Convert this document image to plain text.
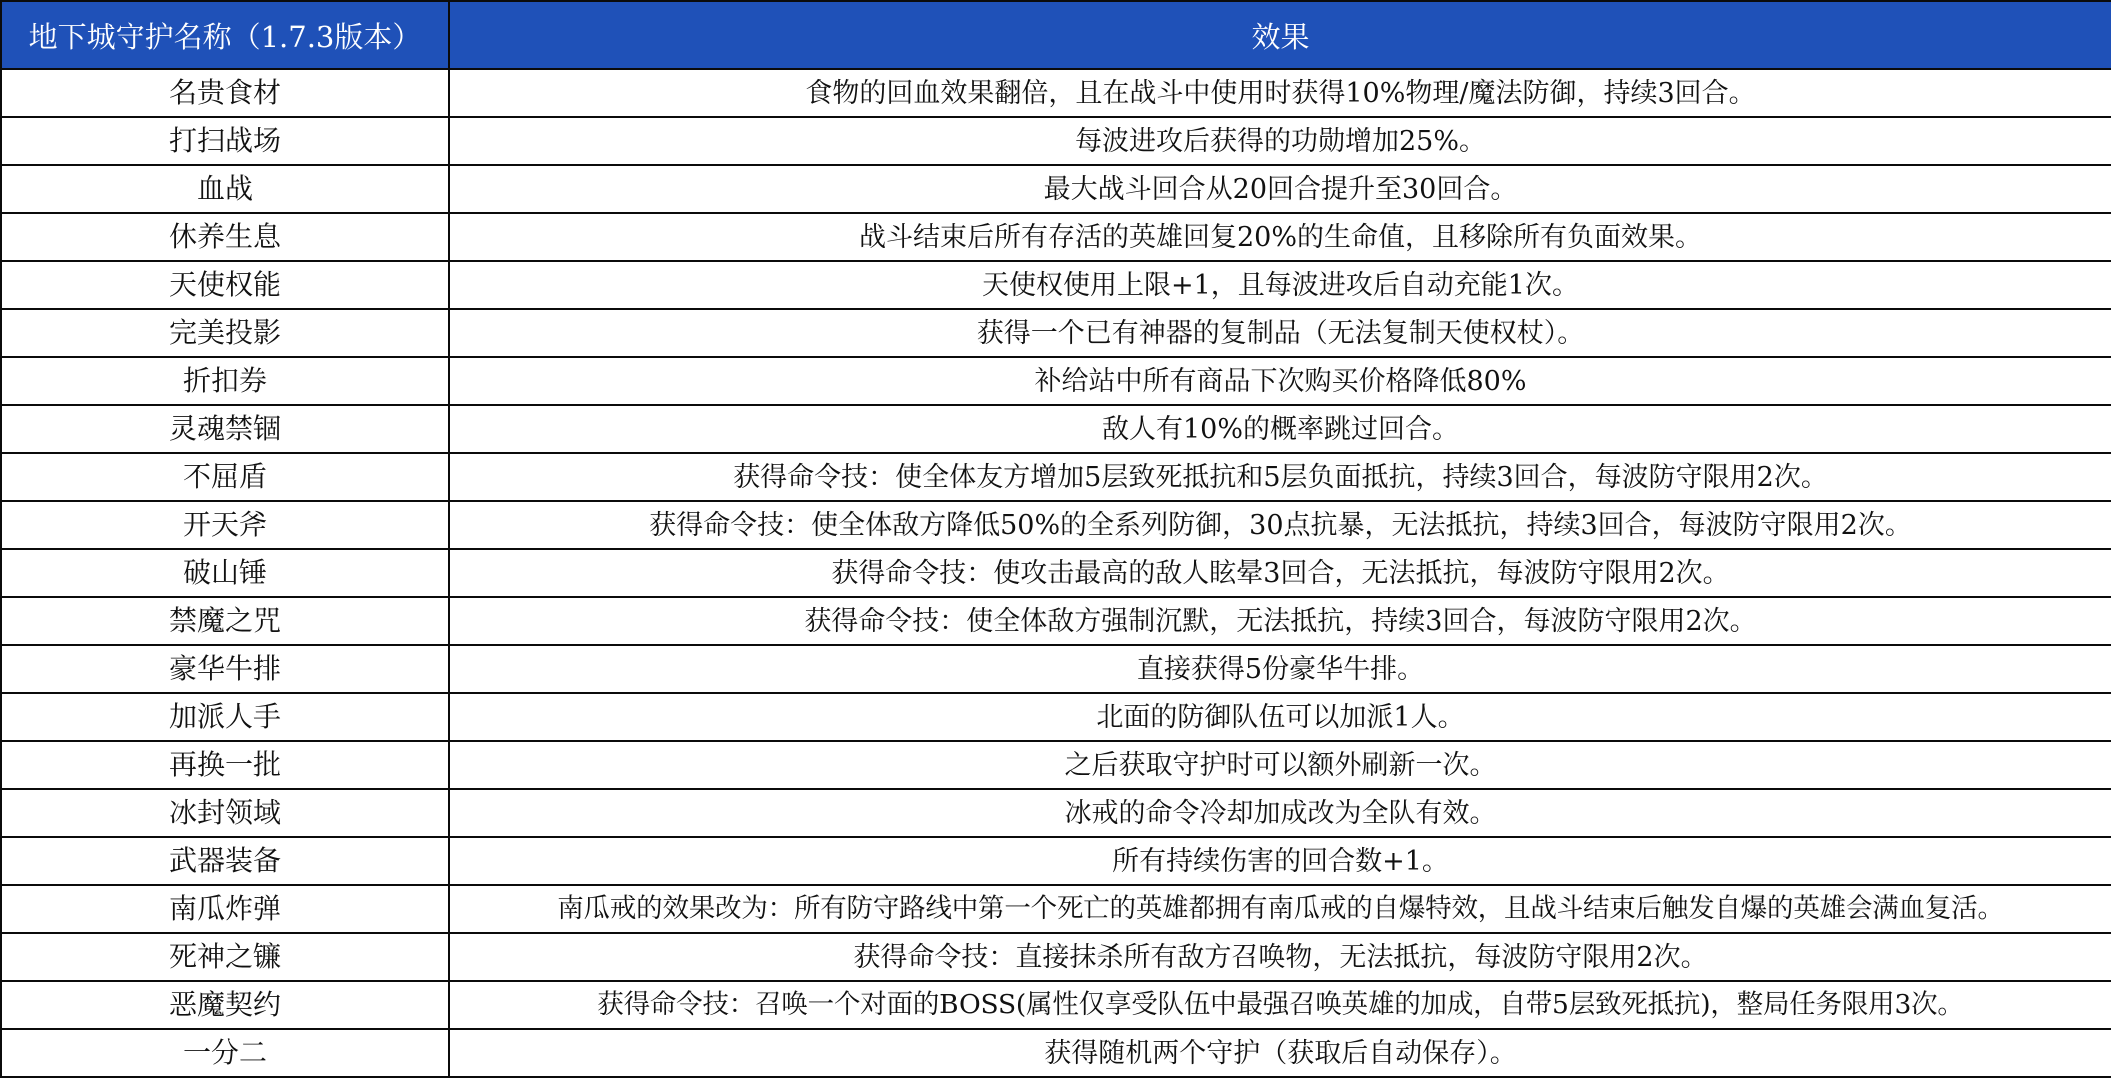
地下城守护名称（1.7.3版本）	效果
名贵食材	食物的回血效果翻倍，且在战斗中使用时获得10%物理/魔法防御，持续3回合。
打扫战场	每波进攻后获得的功勋增加25%。
血战	最大战斗回合从20回合提升至30回合。
休养生息	战斗结束后所有存活的英雄回复20%的生命值，且移除所有负面效果。
天使权能	天使权使用上限+1，且每波进攻后自动充能1次。
完美投影	获得一个已有神器的复制品（无法复制天使权杖）。
折扣券	补给站中所有商品下次购买价格降低80%
灵魂禁锢	敌人有10%的概率跳过回合。
不屈盾	获得命令技：使全体友方增加5层致死抵抗和5层负面抵抗，持续3回合，每波防守限用2次。
开天斧	获得命令技：使全体敌方降低50%的全系列防御，30点抗暴，无法抵抗，持续3回合，每波防守限用2次。
破山锤	获得命令技：使攻击最高的敌人眩晕3回合，无法抵抗，每波防守限用2次。
禁魔之咒	获得命令技：使全体敌方强制沉默，无法抵抗，持续3回合，每波防守限用2次。
豪华牛排	直接获得5份豪华牛排。
加派人手	北面的防御队伍可以加派1人。
再换一批	之后获取守护时可以额外刷新一次。
冰封领域	冰戒的命令冷却加成改为全队有效。
武器装备	所有持续伤害的回合数+1。
南瓜炸弹	南瓜戒的效果改为：所有防守路线中第一个死亡的英雄都拥有南瓜戒的自爆特效，且战斗结束后触发自爆的英雄会满血复活。
死神之镰	获得命令技：直接抹杀所有敌方召唤物，无法抵抗，每波防守限用2次。
恶魔契约	获得命令技：召唤一个对面的BOSS(属性仅享受队伍中最强召唤英雄的加成，自带5层致死抵抗)，整局任务限用3次。
一分二	获得随机两个守护（获取后自动保存）。
